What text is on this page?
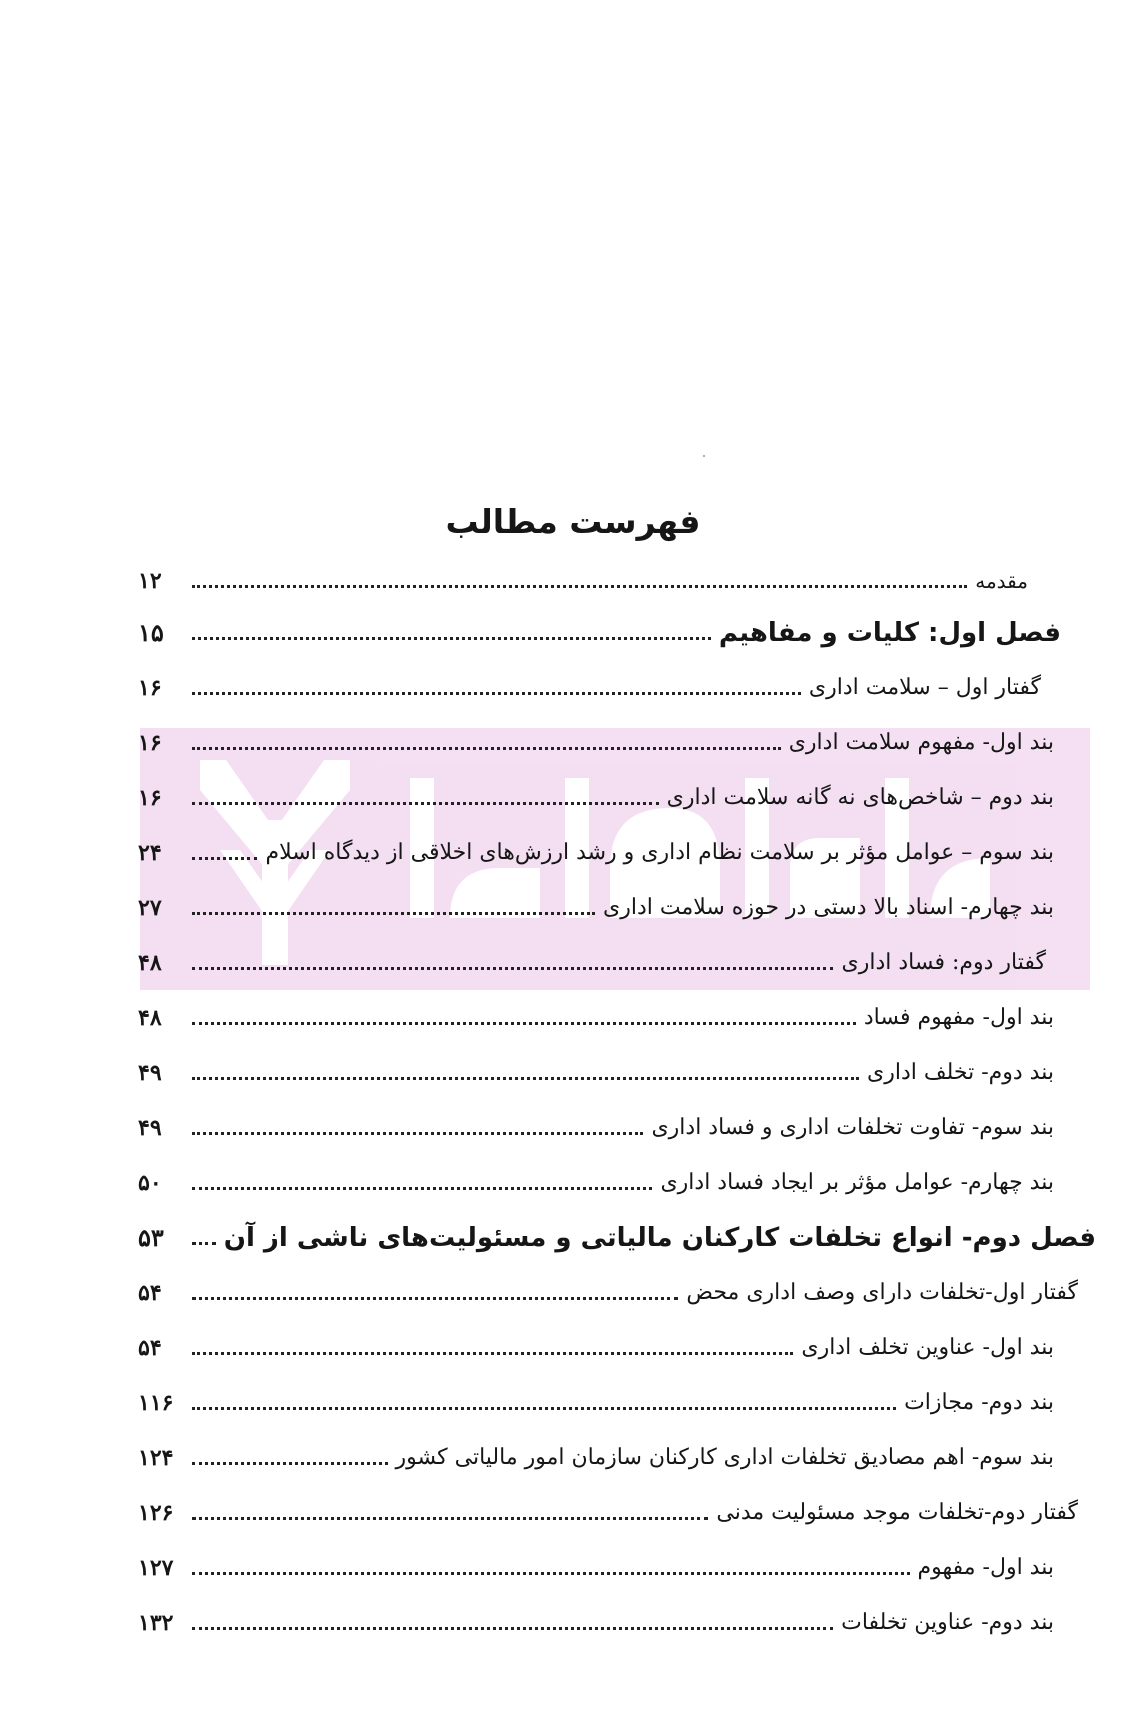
فهرست مطالب
مقدمه
۱۲
فصل اول: کلیات و مفاهیم
۱۵
گفتار اول – سلامت اداری
۱۶
بند اول- مفهوم سلامت اداری
۱۶
بند دوم – شاخص‌های نه گانه سلامت اداری
۱۶
بند سوم – عوامل مؤثر بر سلامت نظام اداری و رشد ارزش‌های اخلاقی از دیدگاه اسلام
۲۴
بند چهارم- اسناد بالا دستی در حوزه سلامت اداری
۲۷
گفتار دوم: فساد اداری
۴۸
بند اول- مفهوم فساد
۴۸
بند دوم- تخلف اداری
۴۹
بند سوم- تفاوت تخلفات اداری و فساد اداری
۴۹
بند چهارم- عوامل مؤثر بر ایجاد فساد اداری
۵۰
فصل دوم- انواع تخلفات کارکنان مالیاتی و مسئولیت‌های ناشی از آن
۵۳
گفتار اول-تخلفات دارای وصف اداری محض
۵۴
بند اول- عناوین تخلف اداری
۵۴
بند دوم- مجازات
۱۱۶
بند سوم- اهم مصادیق تخلفات اداری کارکنان سازمان امور مالیاتی کشور
۱۲۴
گفتار دوم-تخلفات موجد مسئولیت مدنی
۱۲۶
بند اول- مفهوم
۱۲۷
بند دوم- عناوین تخلفات
۱۳۲
